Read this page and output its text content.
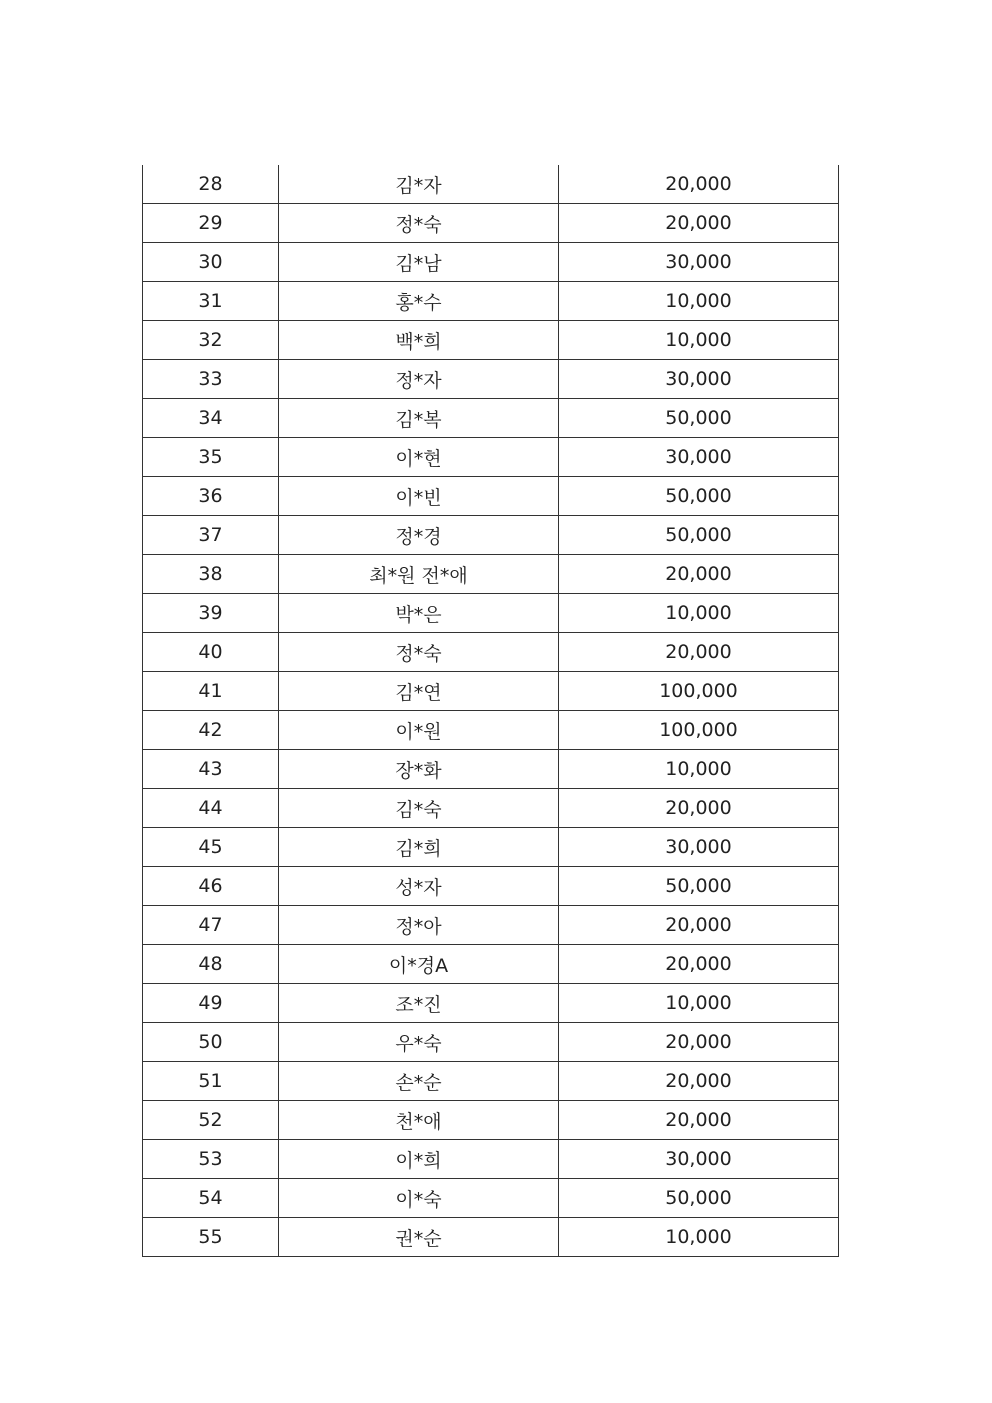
28	김*자	20,000
29	정*숙	20,000
30	김*남	30,000
31	홍*수	10,000
32	백*희	10,000
33	정*자	30,000
34	김*복	50,000
35	이*현	30,000
36	이*빈	50,000
37	정*경	50,000
38	최*원 전*애	20,000
39	박*은	10,000
40	정*숙	20,000
41	김*연	100,000
42	이*원	100,000
43	장*화	10,000
44	김*숙	20,000
45	김*희	30,000
46	성*자	50,000
47	정*아	20,000
48	이*경A	20,000
49	조*진	10,000
50	우*숙	20,000
51	손*순	20,000
52	천*애	20,000
53	이*희	30,000
54	이*숙	50,000
55	권*순	10,000
